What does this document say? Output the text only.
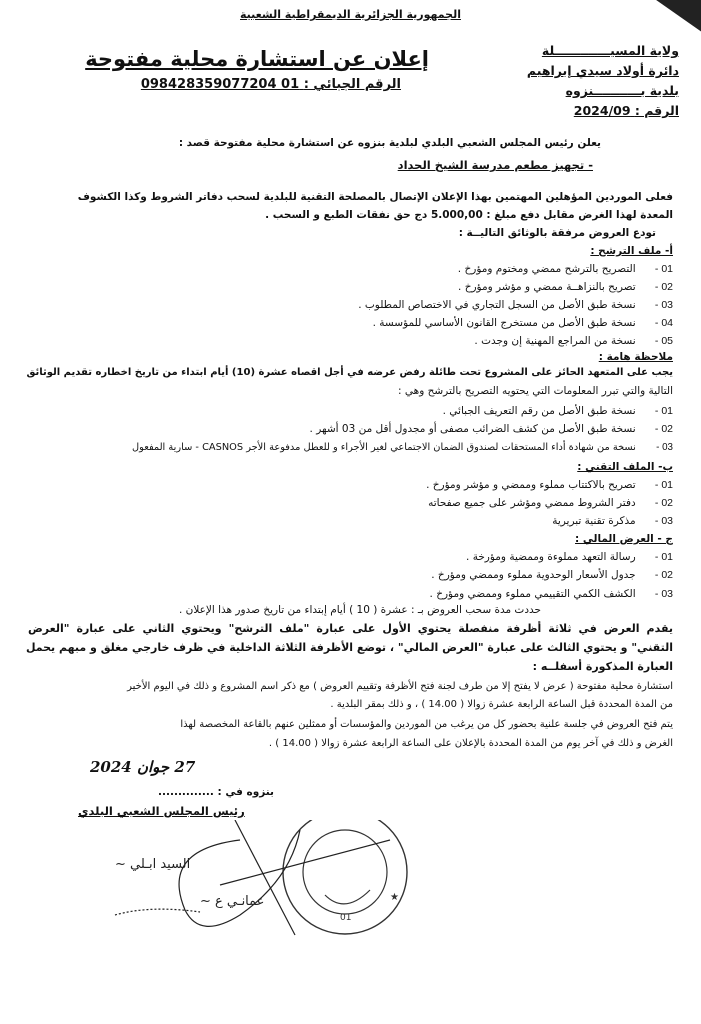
الجمهورية الجزائرية الديمقراطية الشعبية
ولاية المسيـــــــــــــلة
دائرة أولاد سيدي إبراهيم
بلدية بـــــــــــنزوه
الرقم : 2024/09
إعلان عن استشارة محلية مفتوحة
الرقم الجبائي : 098428359077204 01
يعلن رئيس المجلس الشعبي البلدي لبلدية بنزوه عن استشارة محلية مفتوحة قصد :
- تجهيز مطعم مدرسة الشيخ الحداد
فعلى الموردين المؤهلين المهتمين بهذا الإعلان الإتصال بالمصلحة التقنية للبلدية لسحب دفاتر الشروط وكذا الكشوف
المعدة لهذا الغرض مقابل دفع مبلغ : 5.000,00 دج حق نفقات الطبع و السحب .
تودع العروض مرفقة بالوثائق التاليــة :
أ- ملف الترشح :
01 - التصريح بالترشح ممضي ومختوم ومؤرخ .
02 - تصريح بالنزاهــة ممضي و مؤشر ومؤرخ .
03 - نسخة طبق الأصل من السجل التجاري في الاختصاص المطلوب .
04 - نسخة طبق الأصل من مستخرج القانون الأساسي للمؤسسة .
05 - نسخة من المراجع المهنية إن وجدت .
ملاحظة هامة :
يجب على المتعهد الحائز على المشروع تحت طائلة رفض عرضه في أجل اقصاه عشرة (10) أيام ابتداء من تاريخ اخطاره تقديم الوثائق
التالية والتي تبرر المعلومات التي يحتويه التصريح بالترشح وهي :
01 - نسخة طبق الأصل من رقم التعريف الجبائي .
02 - نسخة طبق الأصل من كشف الضرائب مصفى أو مجدول أقل من 03 أشهر .
03 - نسخة من شهادة أداء المستحقات لصندوق الضمان الاجتماعي لغير الأجراء و للعطل مدفوعة الأجر CASNOS - سارية المفعول
ب- الملف التقني :
01 - تصريح بالاكتتاب مملوء وممضي و مؤشر ومؤرخ .
02 - دفتر الشروط ممضي ومؤشر على جميع صفحاته
03 - مذكرة تقنية تبريرية
ج - العرض المالي :
01 - رسالة التعهد مملوءة وممضية ومؤرخة .
02 - جدول الأسعار الوحدوية مملوء وممضي ومؤرخ .
03 - الكشف الكمي التقييمي مملوء وممضي ومؤرخ .
حددت مدة سحب العروض بـ : عشرة ( 10 ) أيام إبتداء من تاريخ صدور هذا الإعلان .
يقدم العرض في ثلاثة أظرفة منفصلة يحتوي الأول على عبارة "ملف الترشح" ويحتوي الثاني على عبارة "العرض
التقني" و يحتوي الثالث على عبارة "العرض المالي" ، توضع الأظرفة الثلاثة الداخلية في ظرف خارجي مغلق و مبهم يحمل
العبارة المذكورة أسفلــه :
استشارة محلية مفتوحة ( عرض لا يفتح إلا من طرف لجنة فتح الأظرفة وتقييم العروض ) مع ذكر اسم المشروع و ذلك في اليوم الأخير
من المدة المحددة قبل الساعة الرابعة عشرة زوالا ( 14.00 ) ، و ذلك بمقر البلدية .
يتم فتح العروض في جلسة علنية بحضور كل من يرغب من الموردين والمؤسسات أو ممثلين عنهم بالقاعة المخصصة لهذا
الغرض و ذلك في آخر يوم من المدة المحددة بالإعلان على الساعة الرابعة عشرة زوالا ( 14.00 ) .
27 جوان 2024
بنزوه في : ..............
رئيس المجلس الشعبي البلدي
01
★
~ السيد ابـلي
~ عمانـي ع
